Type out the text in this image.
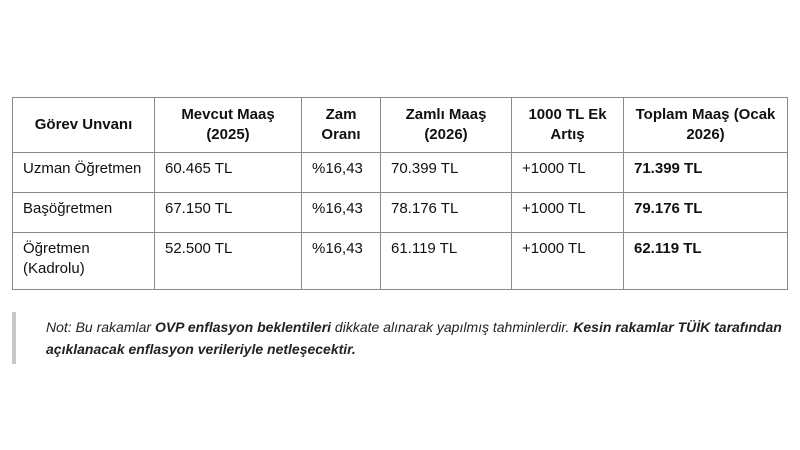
Görev Unvanı	Mevcut Maaş (2025)	Zam Oranı	Zamlı Maaş (2026)	1000 TL Ek Artış	Toplam Maaş (Ocak 2026)
Uzman Öğretmen	60.465 TL	%16,43	70.399 TL	+1000 TL	71.399 TL
Başöğretmen	67.150 TL	%16,43	78.176 TL	+1000 TL	79.176 TL
Öğretmen (Kadrolu)	52.500 TL	%16,43	61.119 TL	+1000 TL	62.119 TL
Not: Bu rakamlar OVP enflasyon beklentileri dikkate alınarak yapılmış tahminlerdir. Kesin rakamlar TÜİK tarafından açıklanacak enflasyon verileriyle netleşecektir.
